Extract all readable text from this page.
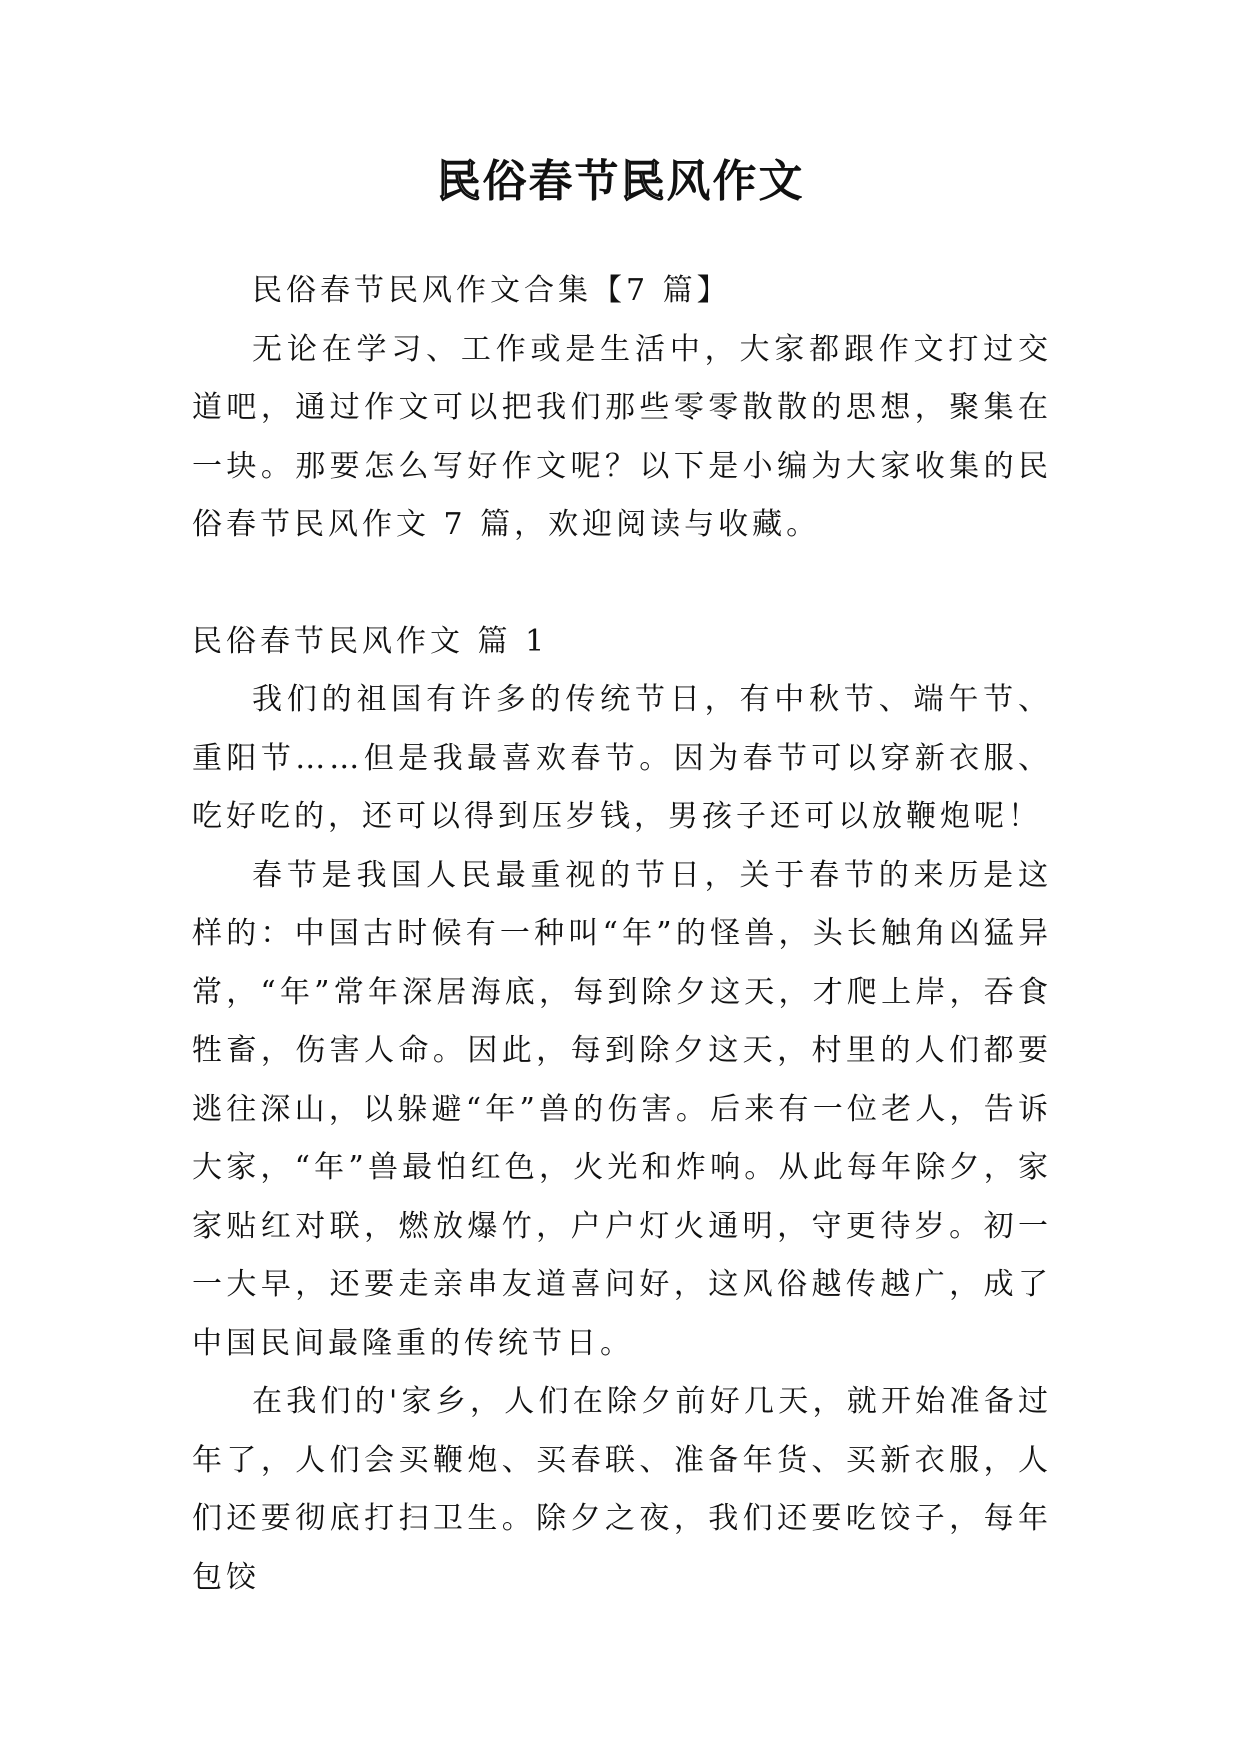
民俗春节民风作文

民俗春节民风作文合集【7 篇】

无论在学习、工作或是生活中，大家都跟作文打过交道吧，通过作文可以把我们那些零零散散的思想，聚集在一块。那要怎么写好作文呢？以下是小编为大家收集的民俗春节民风作文 7 篇，欢迎阅读与收藏。

民俗春节民风作文 篇 1

我们的祖国有许多的传统节日，有中秋节、端午节、重阳节……但是我最喜欢春节。因为春节可以穿新衣服、吃好吃的，还可以得到压岁钱，男孩子还可以放鞭炮呢！

春节是我国人民最重视的节日，关于春节的来历是这样的：中国古时候有一种叫“年”的怪兽，头长触角凶猛异常，“年”常年深居海底，每到除夕这天，才爬上岸，吞食牲畜，伤害人命。因此，每到除夕这天，村里的人们都要逃往深山，以躲避“年”兽的伤害。后来有一位老人，告诉大家，“年”兽最怕红色，火光和炸响。从此每年除夕，家家贴红对联，燃放爆竹，户户灯火通明，守更待岁。初一一大早，还要走亲串友道喜问好，这风俗越传越广，成了中国民间最隆重的传统节日。

在我们的'家乡，人们在除夕前好几天，就开始准备过年了，人们会买鞭炮、买春联、准备年货、买新衣服，人们还要彻底打扫卫生。除夕之夜，我们还要吃饺子，每年包饺
